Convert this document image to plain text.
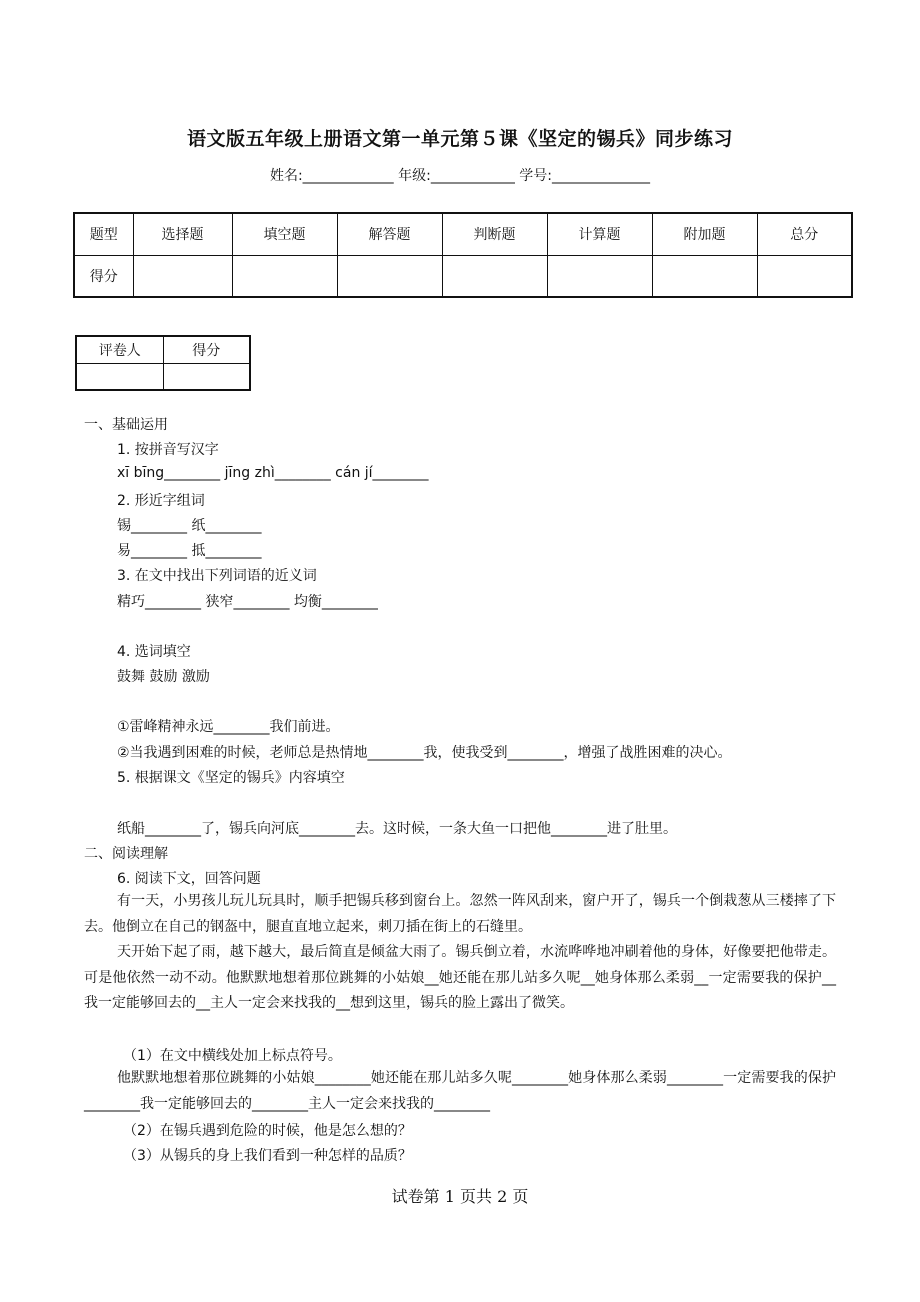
语文版五年级上册语文第一单元第５课《坚定的锡兵》同步练习
姓名:_____________ 年级:____________ 学号:______________
题型	选择题	填空题	解答题	判断题	计算题	附加题	总分
得分							
评卷人	得分

一、基础运用
1. 按拼音写汉字
xī bīng________ jīng zhì________ cán jí________
2. 形近字组词
锡________ 纸________
易________ 抵________
3. 在文中找出下列词语的近义词
精巧________ 狭窄________ 均衡________
4. 选词填空
鼓舞 鼓励 激励
①雷峰精神永远________我们前进。
②当我遇到困难的时候，老师总是热情地________我，使我受到________，增强了战胜困难的决心。
5. 根据课文《坚定的锡兵》内容填空
纸船________了，锡兵向河底________去。这时候，一条大鱼一口把他________进了肚里。
二、阅读理解
6. 阅读下文，回答问题
有一天，小男孩儿玩儿玩具时，顺手把锡兵移到窗台上。忽然一阵风刮来，窗户开了，锡兵一个倒栽葱从三楼摔了下去。他倒立在自己的钢盔中，腿直直地立起来，刺刀插在街上的石缝里。
天开始下起了雨，越下越大，最后简直是倾盆大雨了。锡兵倒立着，水流哗哗地冲刷着他的身体，好像要把他带走。可是他依然一动不动。他默默地想着那位跳舞的小姑娘__她还能在那儿站多久呢__她身体那么柔弱__一定需要我的保护__我一定能够回去的__主人一定会来找我的__想到这里，锡兵的脸上露出了微笑。
（1）在文中横线处加上标点符号。
他默默地想着那位跳舞的小姑娘________她还能在那儿站多久呢________她身体那么柔弱________一定需要我的保护________我一定能够回去的________主人一定会来找我的________
（2）在锡兵遇到危险的时候，他是怎么想的？
（3）从锡兵的身上我们看到一种怎样的品质？
试卷第 1 页共 2 页
